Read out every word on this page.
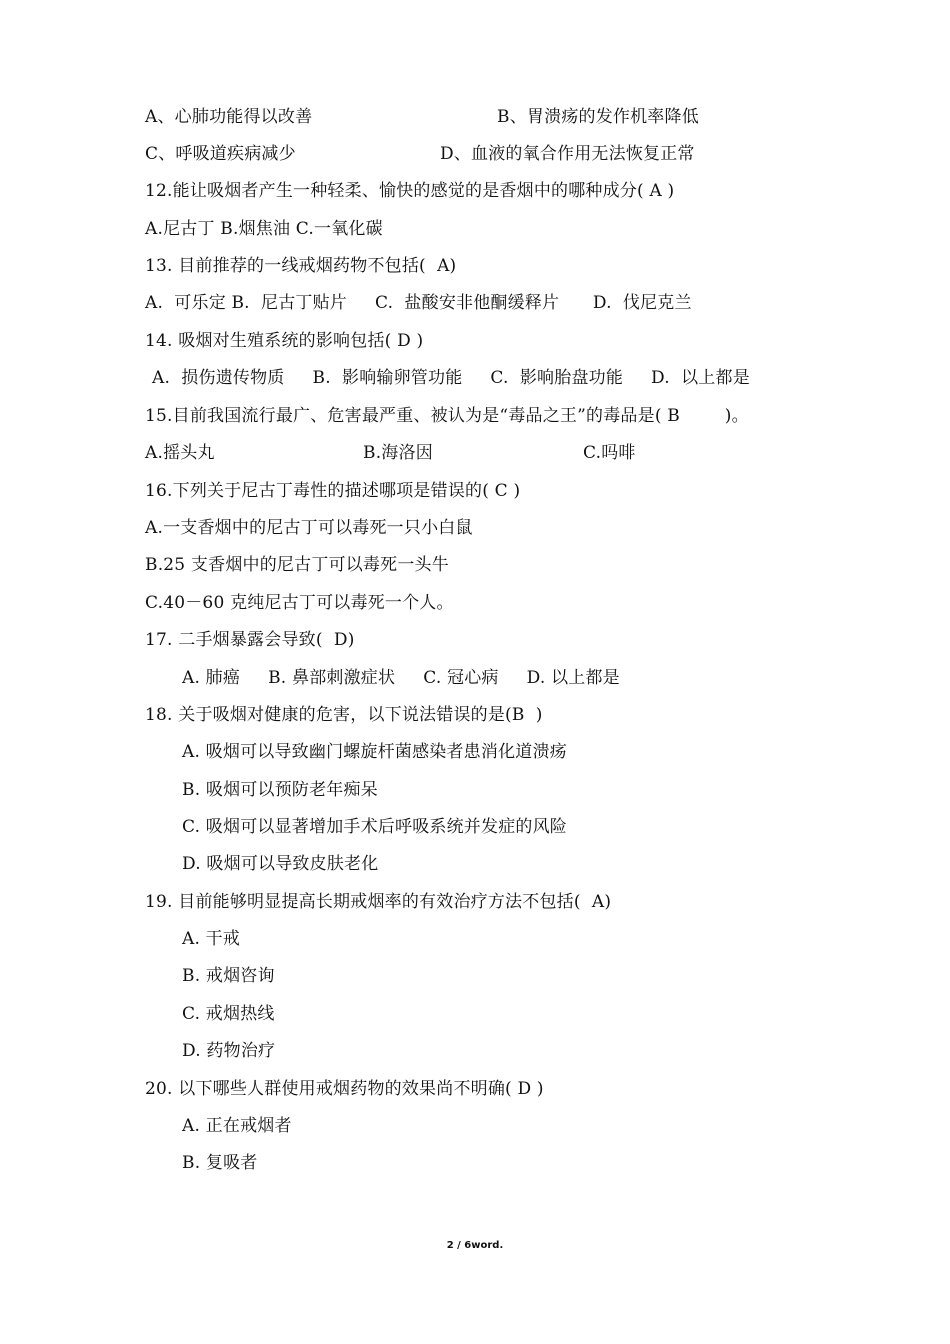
A、心肺功能得以改善	B、胃溃疡的发作机率降低
C、呼吸道疾病减少	D、血液的氧合作用无法恢复正常
12.能让吸烟者产生一种轻柔、愉快的感觉的是香烟中的哪种成分( A )
A.尼古丁 B.烟焦油 C.一氧化碳
13. 目前推荐的一线戒烟药物不包括(  A)
A.  可乐定 B.  尼古丁贴片     C.  盐酸安非他酮缓释片      D.  伐尼克兰
14. 吸烟对生殖系统的影响包括( D )
A.  损伤遗传物质     B.  影响输卵管功能     C.  影响胎盘功能     D.  以上都是
15.目前我国流行最广、危害最严重、被认为是“毒品之王”的毒品是( B        )。
A.摇头丸	B.海洛因	C.吗啡
16.下列关于尼古丁毒性的描述哪项是错误的( C )
A.一支香烟中的尼古丁可以毒死一只小白鼠
B.25 支香烟中的尼古丁可以毒死一头牛
C.40－60 克纯尼古丁可以毒死一个人。
17. 二手烟暴露会导致(  D)
A. 肺癌     B. 鼻部刺激症状     C. 冠心病     D. 以上都是
18. 关于吸烟对健康的危害，以下说法错误的是(B  )
A. 吸烟可以导致幽门螺旋杆菌感染者患消化道溃疡
B. 吸烟可以预防老年痴呆
C. 吸烟可以显著增加手术后呼吸系统并发症的风险
D. 吸烟可以导致皮肤老化
19. 目前能够明显提高长期戒烟率的有效治疗方法不包括(  A)
A. 干戒
B. 戒烟咨询
C. 戒烟热线
D. 药物治疗
20. 以下哪些人群使用戒烟药物的效果尚不明确( D )
A. 正在戒烟者
B. 复吸者
2 / 6word.
